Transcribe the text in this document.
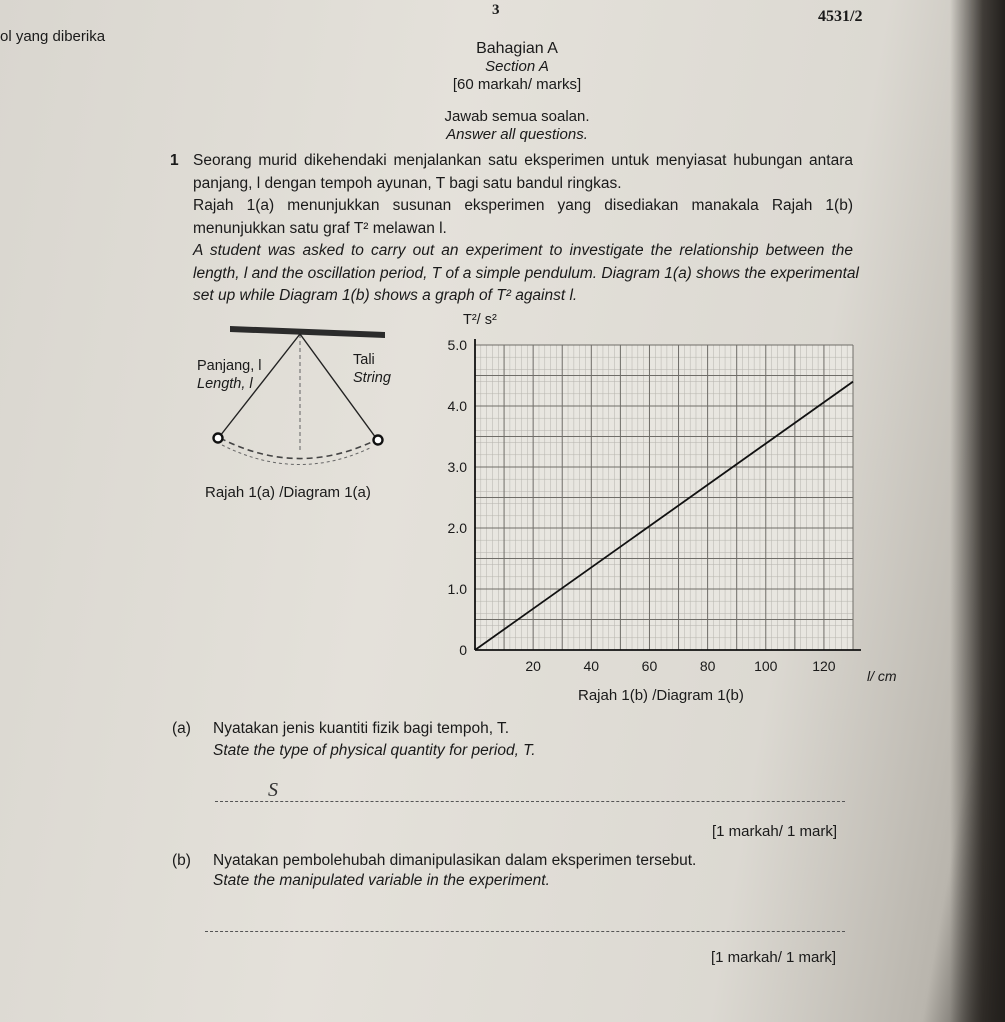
3	4531/2
ol yang diberika
Bahagian A
Section A
[60 markah/ marks]
Jawab semua soalan.
Answer all questions.
1 Seorang murid dikehendaki menjalankan satu eksperimen untuk menyiasat hubungan antara
panjang, l dengan tempoh ayunan, T bagi satu bandul ringkas.
Rajah 1(a) menunjukkan susunan eksperimen yang disediakan manakala Rajah 1(b)
menunjukkan satu graf T² melawan l.
A student was asked to carry out an experiment to investigate the relationship between the
length, l and the oscillation period, T of a simple pendulum. Diagram 1(a) shows the experimental
set up while Diagram 1(b) shows a graph of T² against l.
Panjang, l
Length, l
Tali
String
Rajah 1(a) /Diagram 1(a)
T²/ s²
20	40	60	80	100 120
0
1.0
2.0
3.0
4.0
5.0
l/ cm
Rajah 1(b) /Diagram 1(b)
(a) Nyatakan jenis kuantiti fizik bagi tempoh, T.
State the type of physical quantity for period, T.
S
[1 markah/ 1 mark]
(b) Nyatakan pembolehubah dimanipulasikan dalam eksperimen tersebut.
State the manipulated variable in the experiment.
[1 markah/ 1 mark]
